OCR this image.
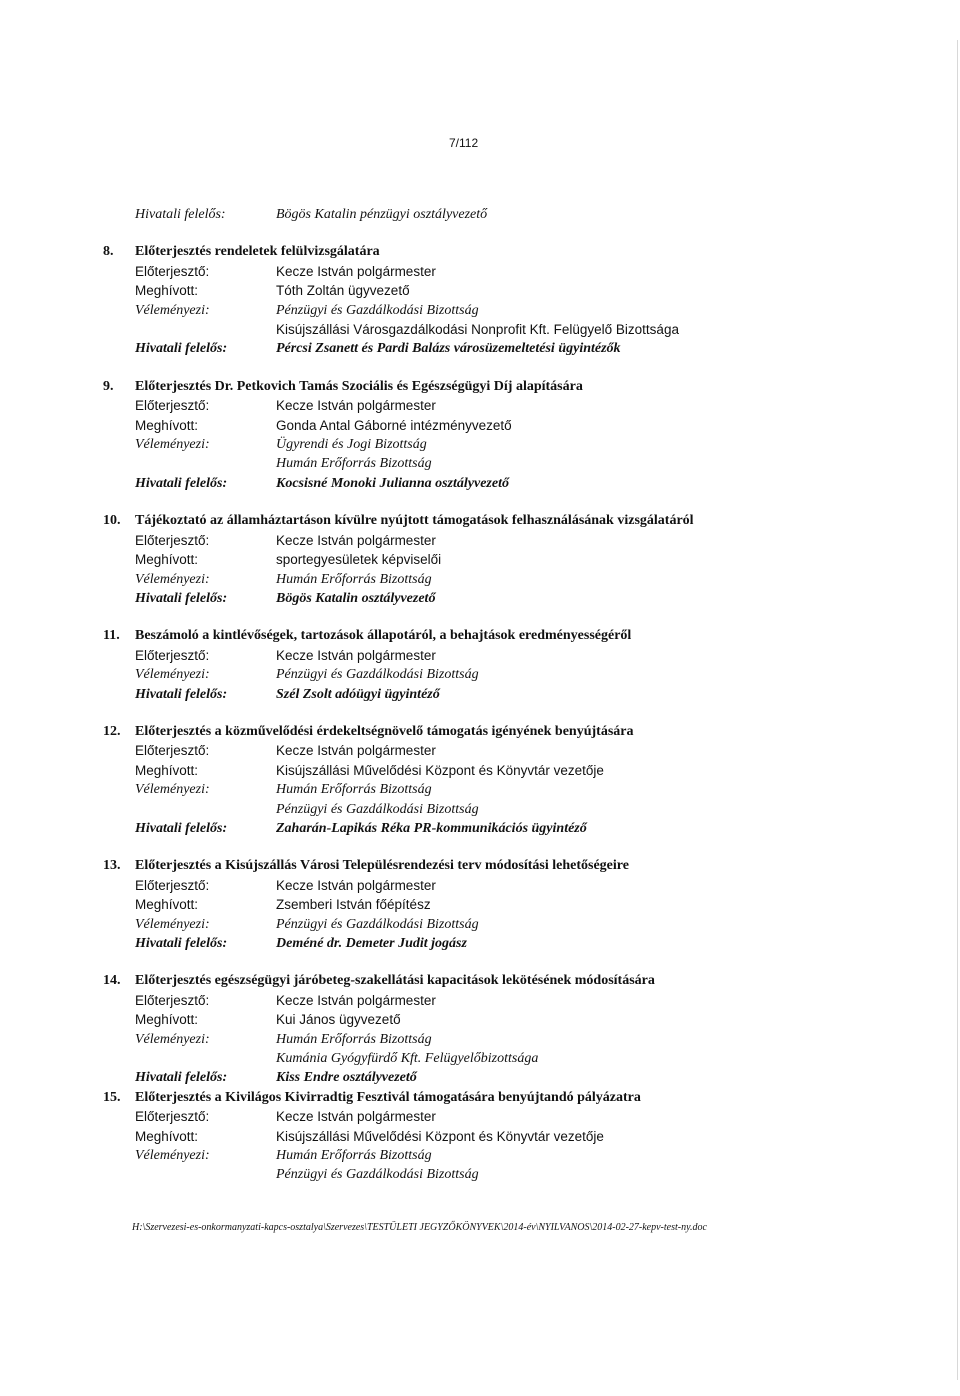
7/112
Hivatali felelős:	Bögös Katalin pénzügyi osztályvezető
8.	Előterjesztés rendeletek felülvizsgálatára
Előterjesztő:	Kecze István polgármester
Meghívott:	Tóth Zoltán ügyvezető
Véleményezi:	Pénzügyi és Gazdálkodási Bizottság
Kisújszállási Városgazdálkodási Nonprofit Kft. Felügyelő Bizottsága
Hivatali felelős:	Pércsi Zsanett és Pardi Balázs városüzemeltetési ügyintézők
9.	Előterjesztés Dr. Petkovich Tamás Szociális és Egészségügyi Díj alapítására
Előterjesztő:	Kecze István polgármester
Meghívott:	Gonda Antal Gáborné intézményvezető
Véleményezi:	Ügyrendi és Jogi Bizottság
Humán Erőforrás Bizottság
Hivatali felelős:	Kocsisné Monoki Julianna osztályvezető
10.	Tájékoztató az államháztartáson kívülre nyújtott támogatások felhasználásának vizsgálatáról
Előterjesztő:	Kecze István polgármester
Meghívott:	sportegyesületek képviselői
Véleményezi:	Humán Erőforrás Bizottság
Hivatali felelős:	Bögös Katalin osztályvezető
11.	Beszámoló a kintlévőségek, tartozások állapotáról, a behajtások eredményességéről
Előterjesztő:	Kecze István polgármester
Véleményezi:	Pénzügyi és Gazdálkodási Bizottság
Hivatali felelős:	Szél Zsolt adóügyi ügyintéző
12.	Előterjesztés a közművelődési érdekeltségnövelő támogatás igényének benyújtására
Előterjesztő:	Kecze István polgármester
Meghívott:	Kisújszállási Művelődési Központ és Könyvtár vezetője
Véleményezi:	Humán Erőforrás Bizottság
Pénzügyi és Gazdálkodási Bizottság
Hivatali felelős:	Zaharán-Lapikás Réka PR-kommunikációs ügyintéző
13.	Előterjesztés a Kisújszállás Városi Településrendezési terv módosítási lehetőségeire
Előterjesztő:	Kecze István polgármester
Meghívott:	Zsemberi István főépítész
Véleményezi:	Pénzügyi és Gazdálkodási Bizottság
Hivatali felelős:	Deméné dr. Demeter Judit jogász
14.	Előterjesztés egészségügyi járóbeteg-szakellátási kapacitások lekötésének módosítására
Előterjesztő:	Kecze István polgármester
Meghívott:	Kui János ügyvezető
Véleményezi:	Humán Erőforrás Bizottság
Kumánia Gyógyfürdő Kft. Felügyelőbizottsága
Hivatali felelős:	Kiss Endre osztályvezető
15.	Előterjesztés a Kivilágos Kivirradtig Fesztivál támogatására benyújtandó pályázatra
Előterjesztő:	Kecze István polgármester
Meghívott:	Kisújszállási Művelődési Központ és Könyvtár vezetője
Véleményezi:	Humán Erőforrás Bizottság
Pénzügyi és Gazdálkodási Bizottság
H:\Szervezesi-es-onkormanyzati-kapcs-osztalya\Szervezes\TESTÜLETI JEGYZŐKÖNYVEK\2014-év\NYILVANOS\2014-02-27-kepv-test-ny.doc
